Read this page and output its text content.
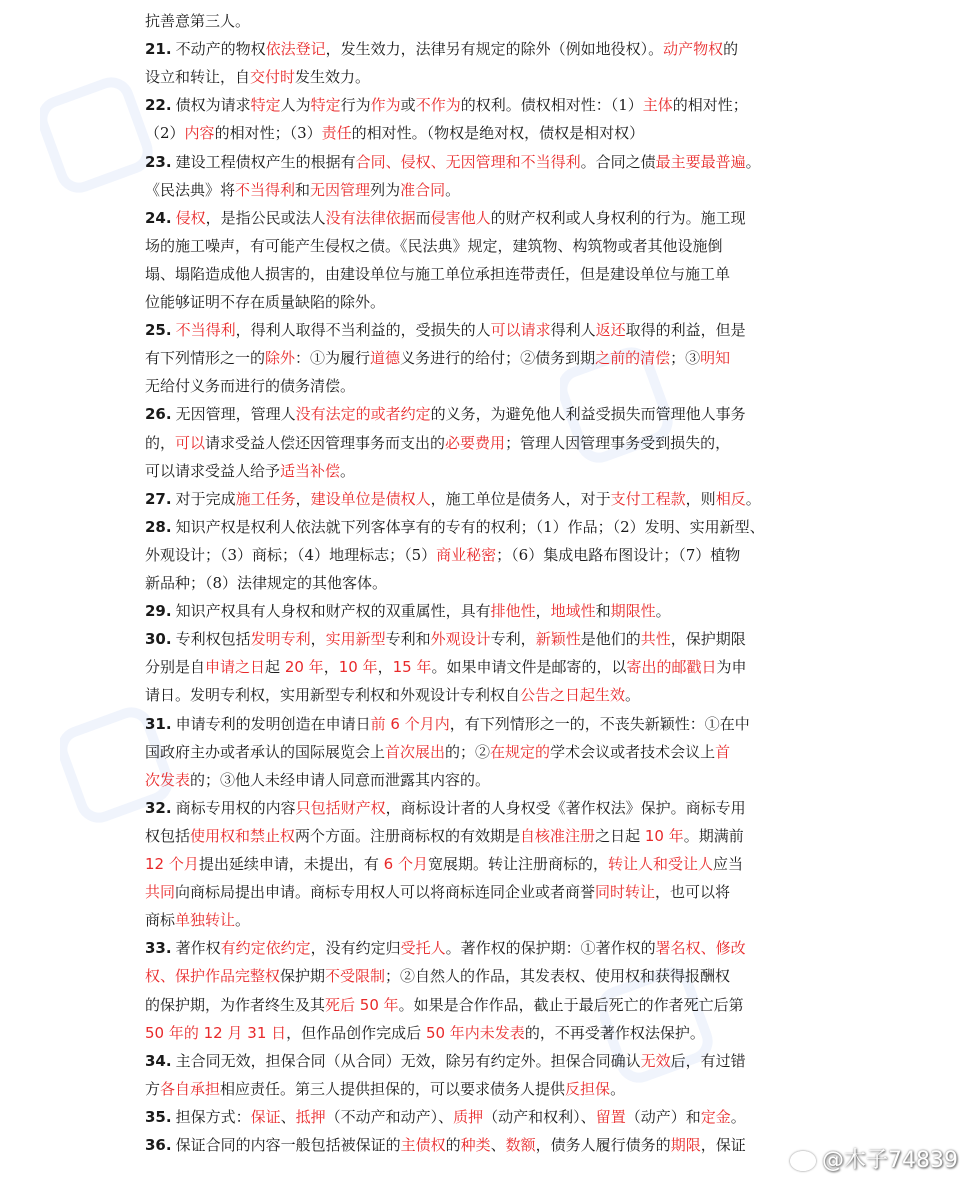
抗善意第三人。
21. 不动产的物权依法登记，发生效力，法律另有规定的除外（例如地役权）。动产物权的
设立和转让，自交付时发生效力。
22. 债权为请求特定人为特定行为作为或不作为的权利。债权相对性：（1）主体的相对性；
（2）内容的相对性；（3）责任的相对性。（物权是绝对权，债权是相对权）
23. 建设工程债权产生的根据有合同、侵权、无因管理和不当得利。合同之债最主要最普遍。
《民法典》将不当得利和无因管理列为准合同。
24. 侵权，是指公民或法人没有法律依据而侵害他人的财产权利或人身权利的行为。施工现
场的施工噪声，有可能产生侵权之债。《民法典》规定，建筑物、构筑物或者其他设施倒
塌、塌陷造成他人损害的，由建设单位与施工单位承担连带责任，但是建设单位与施工单
位能够证明不存在质量缺陷的除外。
25. 不当得利，得利人取得不当利益的，受损失的人可以请求得利人返还取得的利益，但是
有下列情形之一的除外：①为履行道德义务进行的给付；②债务到期之前的清偿；③明知
无给付义务而进行的债务清偿。
26. 无因管理，管理人没有法定的或者约定的义务，为避免他人利益受损失而管理他人事务
的，可以请求受益人偿还因管理事务而支出的必要费用；管理人因管理事务受到损失的，
可以请求受益人给予适当补偿。
27. 对于完成施工任务，建设单位是债权人，施工单位是债务人，对于支付工程款，则相反。
28. 知识产权是权利人依法就下列客体享有的专有的权利；（1）作品；（2）发明、实用新型、
外观设计；（3）商标；（4）地理标志；（5）商业秘密；（6）集成电路布图设计；（7）植物
新品种；（8）法律规定的其他客体。
29. 知识产权具有人身权和财产权的双重属性，具有排他性，地域性和期限性。
30. 专利权包括发明专利，实用新型专利和外观设计专利，新颖性是他们的共性，保护期限
分别是自申请之日起 20 年，10 年，15 年。如果申请文件是邮寄的，以寄出的邮戳日为申
请日。发明专利权，实用新型专利权和外观设计专利权自公告之日起生效。
31. 申请专利的发明创造在申请日前 6 个月内，有下列情形之一的，不丧失新颖性：①在中
国政府主办或者承认的国际展览会上首次展出的；②在规定的学术会议或者技术会议上首
次发表的；③他人未经申请人同意而泄露其内容的。
32. 商标专用权的内容只包括财产权，商标设计者的人身权受《著作权法》保护。商标专用
权包括使用权和禁止权两个方面。注册商标权的有效期是自核准注册之日起 10 年。期满前
12 个月提出延续申请，未提出，有 6 个月宽展期。转让注册商标的，转让人和受让人应当
共同向商标局提出申请。商标专用权人可以将商标连同企业或者商誉同时转让，也可以将
商标单独转让。
33. 著作权有约定依约定，没有约定归受托人。著作权的保护期：①著作权的署名权、修改
权、保护作品完整权保护期不受限制；②自然人的作品，其发表权、使用权和获得报酬权
的保护期，为作者终生及其死后 50 年。如果是合作作品，截止于最后死亡的作者死亡后第
50 年的 12 月 31 日，但作品创作完成后 50 年内未发表的，不再受著作权法保护。
34. 主合同无效，担保合同（从合同）无效，除另有约定外。担保合同确认无效后，有过错
方各自承担相应责任。第三人提供担保的，可以要求债务人提供反担保。
35. 担保方式：保证、抵押（不动产和动产）、质押（动产和权利）、留置（动产）和定金。
36. 保证合同的内容一般包括被保证的主债权的种类、数额，债务人履行债务的期限，保证
@木子74839
